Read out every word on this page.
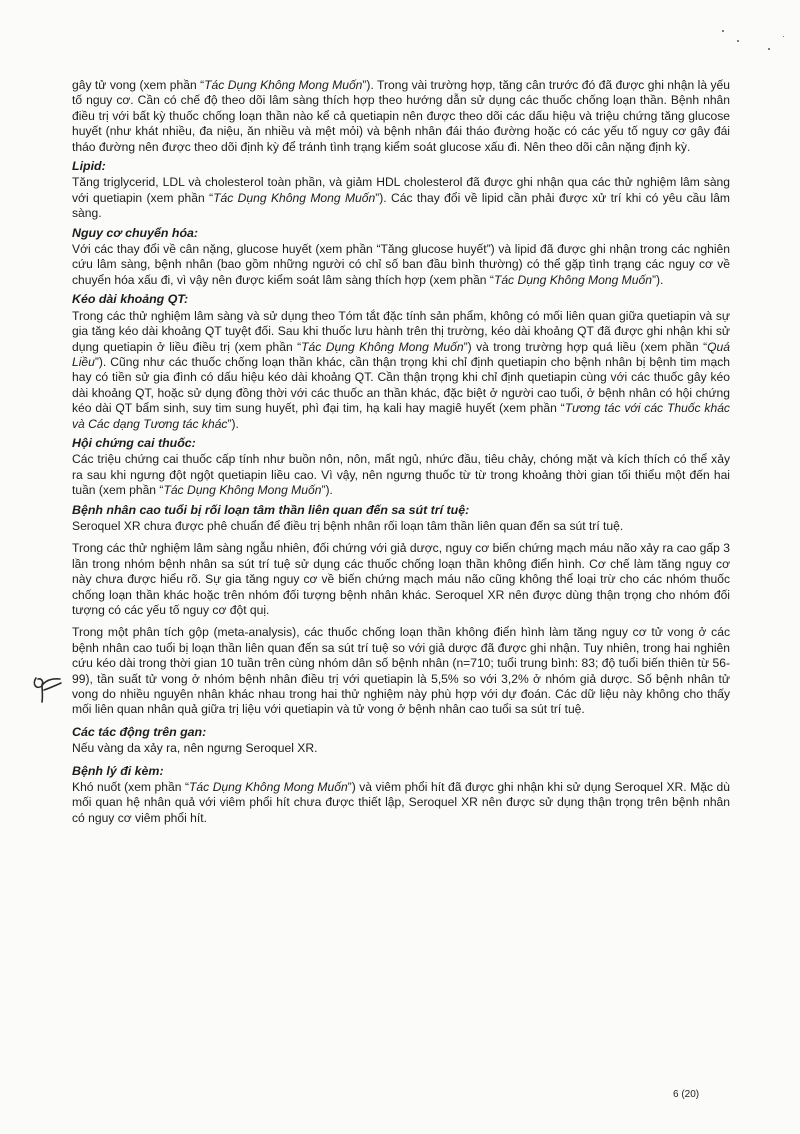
gây tử vong (xem phần “Tác Dụng Không Mong Muốn”). Trong vài trường hợp, tăng cân trước đó đã được ghi nhận là yếu tố nguy cơ. Cần có chế độ theo dõi lâm sàng thích hợp theo hướng dẫn sử dụng các thuốc chống loạn thần. Bệnh nhân điều trị với bất kỳ thuốc chống loạn thần nào kể cả quetiapin nên được theo dõi các dấu hiệu và triệu chứng tăng glucose huyết (như khát nhiều, đa niệu, ăn nhiều và mệt mỏi) và bệnh nhân đái tháo đường hoặc có các yếu tố nguy cơ gây đái tháo đường nên được theo dõi định kỳ để tránh tình trạng kiểm soát glucose xấu đi. Nên theo dõi cân nặng định kỳ.

Lipid:

Tăng triglycerid, LDL và cholesterol toàn phần, và giảm HDL cholesterol đã được ghi nhận qua các thử nghiệm lâm sàng với quetiapin (xem phần “Tác Dụng Không Mong Muốn”). Các thay đổi về lipid cần phải được xử trí khi có yêu cầu lâm sàng.

Nguy cơ chuyển hóa:

Với các thay đổi về cân nặng, glucose huyết (xem phần “Tăng glucose huyết”) và lipid đã được ghi nhận trong các nghiên cứu lâm sàng, bệnh nhân (bao gồm những người có chỉ số ban đầu bình thường) có thể gặp tình trạng các nguy cơ về chuyển hóa xấu đi, vì vậy nên được kiểm soát lâm sàng thích hợp (xem phần “Tác Dụng Không Mong Muốn”).

Kéo dài khoảng QT:

Trong các thử nghiệm lâm sàng và sử dụng theo Tóm tắt đặc tính sản phẩm, không có mối liên quan giữa quetiapin và sự gia tăng kéo dài khoảng QT tuyệt đối. Sau khi thuốc lưu hành trên thị trường, kéo dài khoảng QT đã được ghi nhận khi sử dụng quetiapin ở liều điều trị (xem phần “Tác Dụng Không Mong Muốn”) và trong trường hợp quá liều (xem phần “Quá Liều”). Cũng như các thuốc chống loạn thần khác, cần thận trọng khi chỉ định quetiapin cho bệnh nhân bị bệnh tim mạch hay có tiền sử gia đình có dấu hiệu kéo dài khoảng QT. Cần thận trọng khi chỉ định quetiapin cùng với các thuốc gây kéo dài khoảng QT, hoặc sử dụng đồng thời với các thuốc an thần khác, đặc biệt ở người cao tuổi, ở bệnh nhân có hội chứng kéo dài QT bẩm sinh, suy tim sung huyết, phì đại tim, hạ kali hay magiê huyết (xem phần “Tương tác với các Thuốc khác và Các dạng Tương tác khác”).

Hội chứng cai thuốc:

Các triệu chứng cai thuốc cấp tính như buồn nôn, nôn, mất ngủ, nhức đầu, tiêu chảy, chóng mặt và kích thích có thể xảy ra sau khi ngưng đột ngột quetiapin liều cao. Vì vậy, nên ngưng thuốc từ từ trong khoảng thời gian tối thiểu một đến hai tuần (xem phần “Tác Dụng Không Mong Muốn”).

Bệnh nhân cao tuổi bị rối loạn tâm thần liên quan đến sa sút trí tuệ:

Seroquel XR chưa được phê chuẩn để điều trị bệnh nhân rối loạn tâm thần liên quan đến sa sút trí tuệ.

Trong các thử nghiệm lâm sàng ngẫu nhiên, đối chứng với giả dược, nguy cơ biến chứng mạch máu não xảy ra cao gấp 3 lần trong nhóm bệnh nhân sa sút trí tuệ sử dụng các thuốc chống loạn thần không điển hình. Cơ chế làm tăng nguy cơ này chưa được hiểu rõ. Sự gia tăng nguy cơ về biến chứng mạch máu não cũng không thể loại trừ cho các nhóm thuốc chống loạn thần khác hoặc trên nhóm đối tượng bệnh nhân khác. Seroquel XR nên được dùng thận trọng cho nhóm đối tượng có các yếu tố nguy cơ đột quị.

Trong một phân tích gộp (meta-analysis), các thuốc chống loạn thần không điển hình làm tăng nguy cơ tử vong ở các bệnh nhân cao tuổi bị loạn thần liên quan đến sa sút trí tuệ so với giả dược đã được ghi nhận. Tuy nhiên, trong hai nghiên cứu kéo dài trong thời gian 10 tuần trên cùng nhóm dân số bệnh nhân (n=710; tuổi trung bình: 83; độ tuổi biến thiên từ 56-99), tần suất tử vong ở nhóm bệnh nhân điều trị với quetiapin là 5,5% so với 3,2% ở nhóm giả dược. Số bệnh nhân tử vong do nhiều nguyên nhân khác nhau trong hai thử nghiệm này phù hợp với dự đoán. Các dữ liệu này không cho thấy mối liên quan nhân quả giữa trị liệu với quetiapin và tử vong ở bệnh nhân cao tuổi sa sút trí tuệ.

Các tác động trên gan:

Nếu vàng da xảy ra, nên ngưng Seroquel XR.

Bệnh lý đi kèm:

Khó nuốt (xem phần “Tác Dụng Không Mong Muốn”) và viêm phổi hít đã được ghi nhận khi sử dụng Seroquel XR. Mặc dù mối quan hệ nhân quả với viêm phổi hít chưa được thiết lập, Seroquel XR nên được sử dụng thận trọng trên bệnh nhân có nguy cơ viêm phổi hít.

6 (20)
